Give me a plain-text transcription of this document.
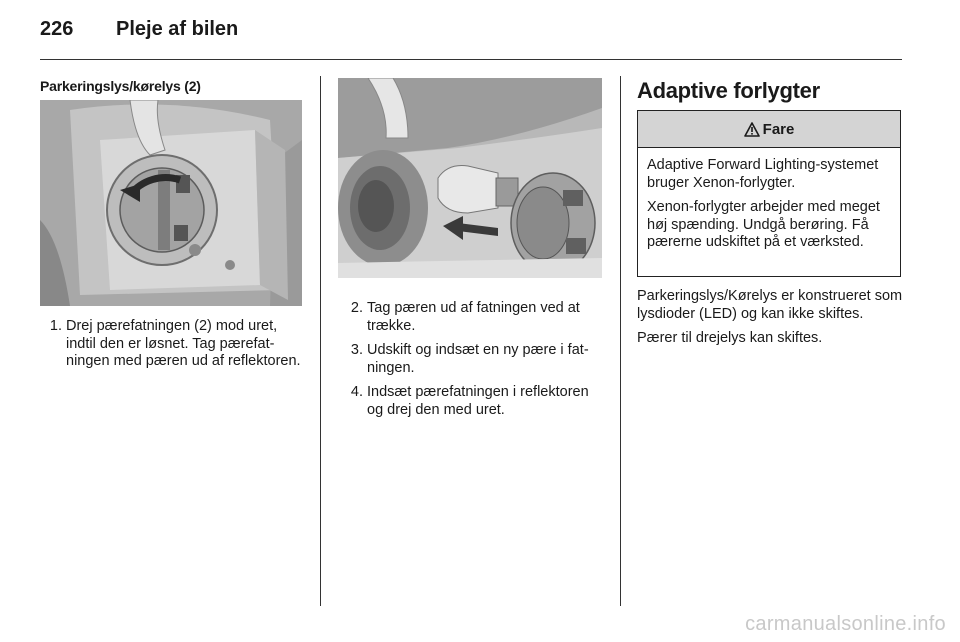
226	Pleje af bilen
Parkeringslys/kørelys (2)
1. Drej pærefatningen (2) mod uret, indtil den er løsnet. Tag pærefatningen med pæren ud af reflektoren.
2. Tag pæren ud af fatningen ved at trække.
3. Udskift og indsæt en ny pære i fatningen.
4. Indsæt pærefatningen i reflektoren og drej den med uret.
Adaptive forlygter
Fare

Adaptive Forward Lighting-systemet bruger Xenon-forlygter.

Xenon-forlygter arbejder med meget høj spænding. Undgå berøring. Få pærerne udskiftet på et værksted.

Parkeringslys/Kørelys er konstrueret som lysdioder (LED) og kan ikke skiftes.

Pærer til drejelys kan skiftes.

carmanualsonline.info
